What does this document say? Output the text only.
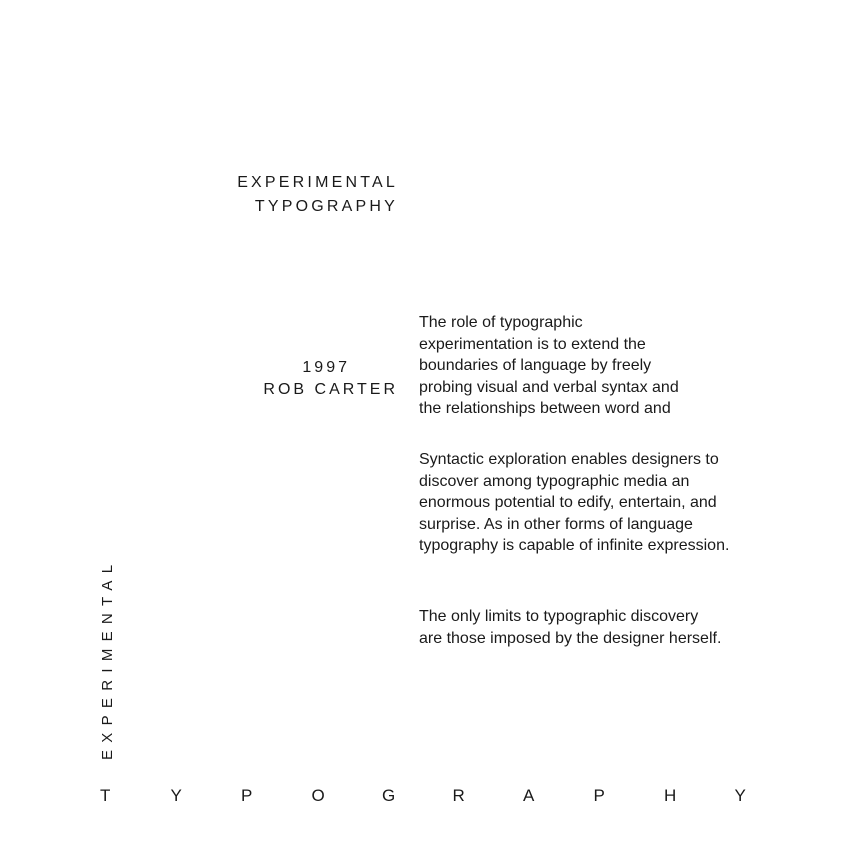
EXPERIMENTAL
TYPOGRAPHY
1997
ROB CARTER
The role of typographic
experimentation is to extend the
boundaries of language by freely
probing visual and verbal syntax and
the relationships between word and
Syntactic exploration enables designers to
discover among typographic media an
enormous potential to edify, entertain, and
surprise. As in other forms of language
typography is capable of infinite expression.
The only limits to typographic discovery
are those imposed by the designer herself.
EXPERIMENTAL
T	Y	P	O	G	R	A	P	H	Y
